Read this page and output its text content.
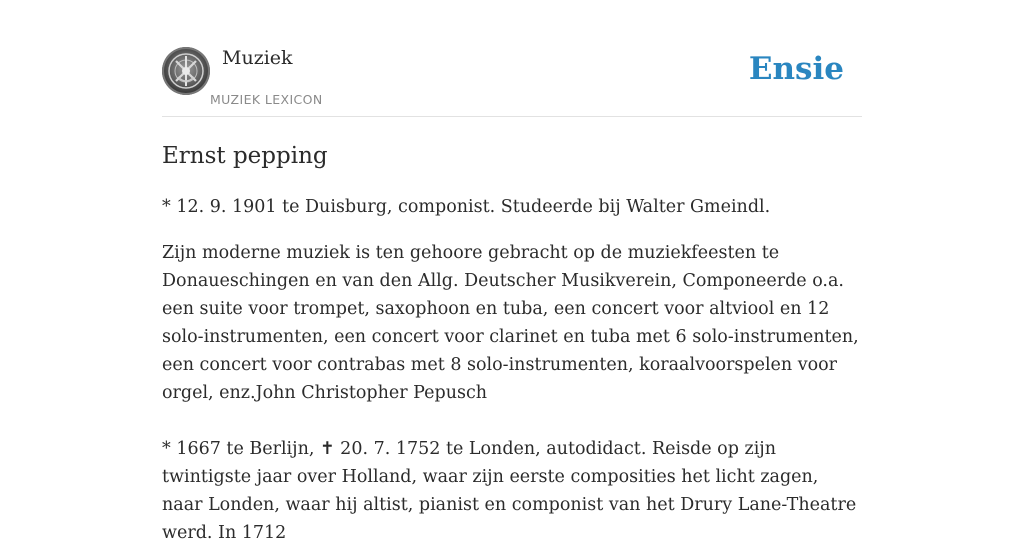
Muziek
MUZIEK LEXICON
Ensie
Ernst pepping

* 12. 9. 1901 te Duisburg, componist. Studeerde bij Walter Gmeindl.

Zijn moderne muziek is ten gehoore gebracht op de muziekfeesten te Donaueschingen en van den Allg. Deutscher Musikverein, Componeerde o.a. een suite voor trompet, saxophoon en tuba, een concert voor altviool en 12 solo-instrumenten, een concert voor clarinet en tuba met 6 solo-instrumenten, een concert voor contrabas met 8 solo-instrumenten, koraalvoorspelen voor orgel, enz.John Christopher Pepusch

* 1667 te Berlijn, ✝ 20. 7. 1752 te Londen, autodidact. Reisde op zijn twintigste jaar over Holland, waar zijn eerste composities het licht zagen, naar Londen, waar hij altist, pianist en componist van het Drury Lane-Theatre werd. In 1712
